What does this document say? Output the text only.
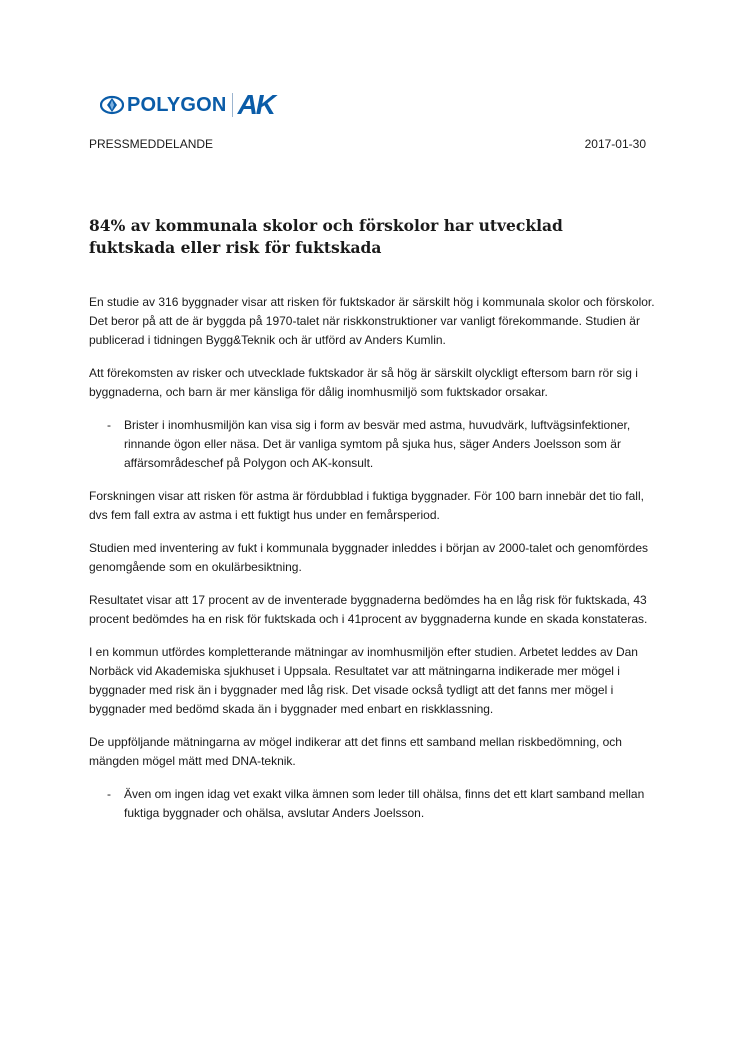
POLYGON AK
PRESSMEDDELANDE	2017-01-30
84% av kommunala skolor och förskolor har utvecklad fuktskada eller risk för fuktskada

En studie av 316 byggnader visar att risken för fuktskador är särskilt hög i kommunala skolor och förskolor. Det beror på att de är byggda på 1970-talet när riskkonstruktioner var vanligt förekommande. Studien är publicerad i tidningen Bygg&Teknik och är utförd av Anders Kumlin.

Att förekomsten av risker och utvecklade fuktskador är så hög är särskilt olyckligt eftersom barn rör sig i byggnaderna, och barn är mer känsliga för dålig inomhusmiljö som fuktskador orsakar.

-	Brister i inomhusmiljön kan visa sig i form av besvär med astma, huvudvärk, luftvägsinfektioner, rinnande ögon eller näsa. Det är vanliga symtom på sjuka hus, säger Anders Joelsson som är affärsområdeschef på Polygon och AK-konsult.

Forskningen visar att risken för astma är fördubblad i fuktiga byggnader. För 100 barn innebär det tio fall, dvs fem fall extra av astma i ett fuktigt hus under en femårsperiod.

Studien med inventering av fukt i kommunala byggnader inleddes i början av 2000-talet och genomfördes genomgående som en okulärbesiktning.

Resultatet visar att 17 procent av de inventerade byggnaderna bedömdes ha en låg risk för fuktskada, 43 procent bedömdes ha en risk för fuktskada och i 41procent av byggnaderna kunde en skada konstateras.

I en kommun utfördes kompletterande mätningar av inomhusmiljön efter studien. Arbetet leddes av Dan Norbäck vid Akademiska sjukhuset i Uppsala. Resultatet var att mätningarna indikerade mer mögel i byggnader med risk än i byggnader med låg risk. Det visade också tydligt att det fanns mer mögel i byggnader med bedömd skada än i byggnader med enbart en riskklassning.

De uppföljande mätningarna av mögel indikerar att det finns ett samband mellan riskbedömning, och mängden mögel mätt med DNA-teknik.

-	Även om ingen idag vet exakt vilka ämnen som leder till ohälsa, finns det ett klart samband mellan fuktiga byggnader och ohälsa, avslutar Anders Joelsson.
